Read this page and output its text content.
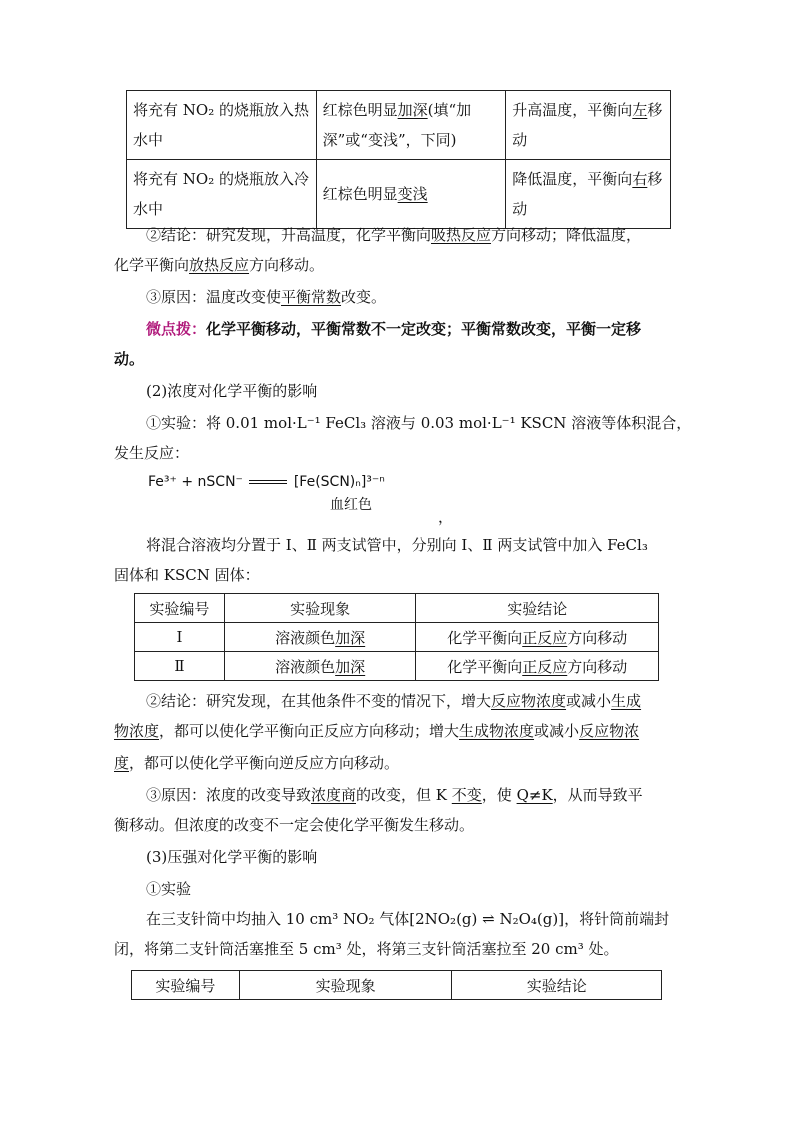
将充有 NO₂ 的烧瓶放入热水中	红棕色明显加深(填“加深”或“变浅”，下同)	升高温度，平衡向左移动
将充有 NO₂ 的烧瓶放入冷水中	红棕色明显变浅	降低温度，平衡向右移动
②结论：研究发现，升高温度，化学平衡向吸热反应方向移动；降低温度，
化学平衡向放热反应方向移动。
③原因：温度改变使平衡常数改变。
微点拨：化学平衡移动，平衡常数不一定改变；平衡常数改变，平衡一定移
动。
(2)浓度对化学平衡的影响
①实验：将 0.01 mol·L⁻¹ FeCl₃ 溶液与 0.03 mol·L⁻¹ KSCN 溶液等体积混合，
发生反应：
Fe³⁺ + nSCN⁻	[Fe(SCN)ₙ]³⁻ⁿ
血红色
，
将混合溶液均分置于 Ⅰ、Ⅱ 两支试管中，分别向 Ⅰ、Ⅱ 两支试管中加入 FeCl₃
固体和 KSCN 固体：
实验编号	实验现象	实验结论
Ⅰ	溶液颜色加深	化学平衡向正反应方向移动
Ⅱ	溶液颜色加深	化学平衡向正反应方向移动
②结论：研究发现，在其他条件不变的情况下，增大反应物浓度或减小生成
物浓度，都可以使化学平衡向正反应方向移动；增大生成物浓度或减小反应物浓
度，都可以使化学平衡向逆反应方向移动。
③原因：浓度的改变导致浓度商的改变，但 K 不变，使 Q≠K，从而导致平
衡移动。但浓度的改变不一定会使化学平衡发生移动。
(3)压强对化学平衡的影响
①实验
在三支针筒中均抽入 10 cm³ NO₂ 气体[2NO₂(g) ⇌ N₂O₄(g)]，将针筒前端封
闭，将第二支针筒活塞推至 5 cm³ 处，将第三支针筒活塞拉至 20 cm³ 处。
实验编号	实验现象	实验结论
